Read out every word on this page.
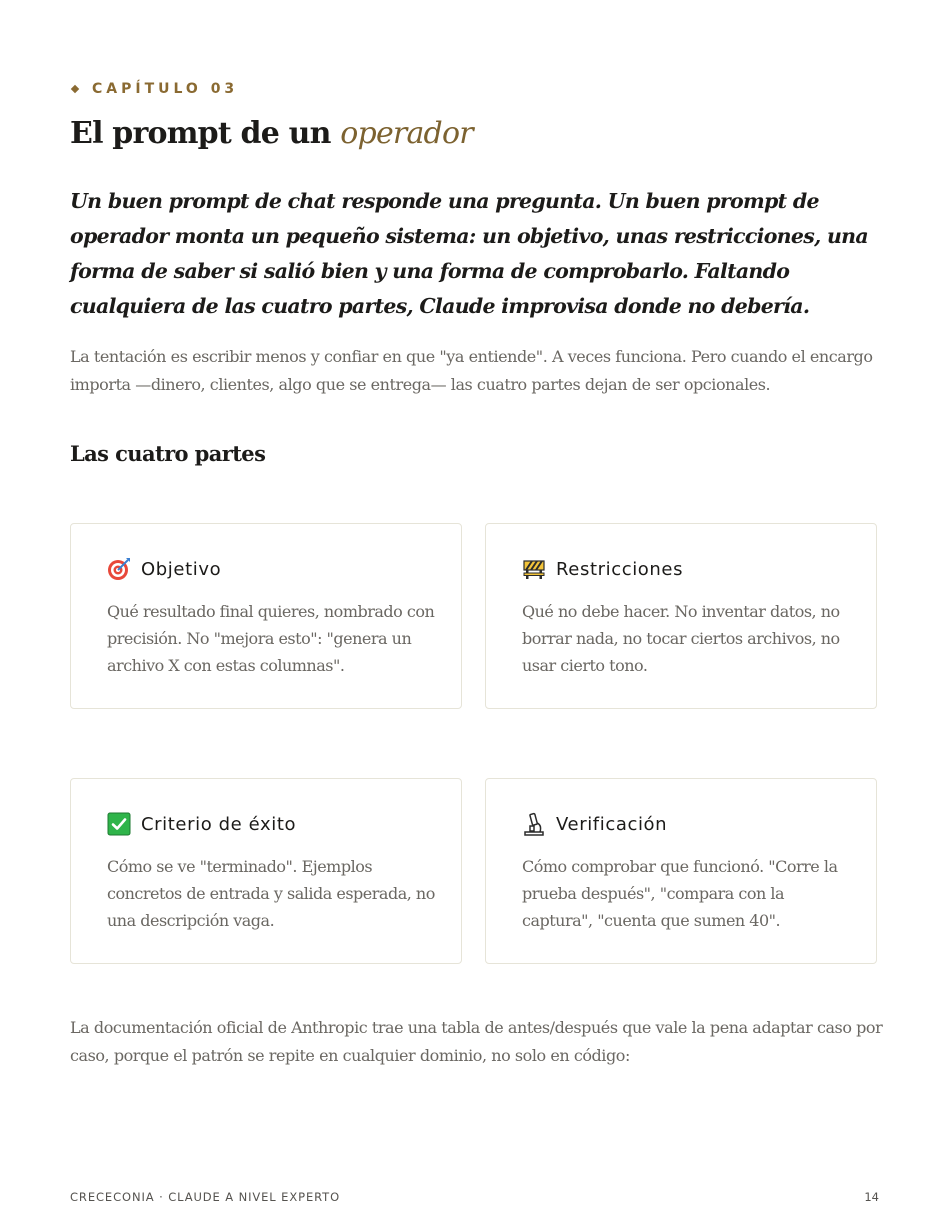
CAPÍTULO 03
El prompt de un operador

Un buen prompt de chat responde una pregunta. Un buen prompt de operador monta un pequeño sistema: un objetivo, unas restricciones, una forma de saber si salió bien y una forma de comprobarlo. Faltando cualquiera de las cuatro partes, Claude improvisa donde no debería.

La tentación es escribir menos y confiar en que "ya entiende". A veces funciona. Pero cuando el encargo importa —dinero, clientes, algo que se entrega— las cuatro partes dejan de ser opcionales.

Las cuatro partes
Objetivo

Qué resultado final quieres, nombrado con precisión. No "mejora esto": "genera un archivo X con estas columnas".

Restricciones

Qué no debe hacer. No inventar datos, no borrar nada, no tocar ciertos archivos, no usar cierto tono.

Criterio de éxito

Cómo se ve "terminado". Ejemplos concretos de entrada y salida esperada, no una descripción vaga.

Verificación

Cómo comprobar que funcionó. "Corre la prueba después", "compara con la captura", "cuenta que sumen 40".

La documentación oficial de Anthropic trae una tabla de antes/después que vale la pena adaptar caso por caso, porque el patrón se repite en cualquier dominio, no solo en código:

CRECECONIA · CLAUDE A NIVEL EXPERTO	14
